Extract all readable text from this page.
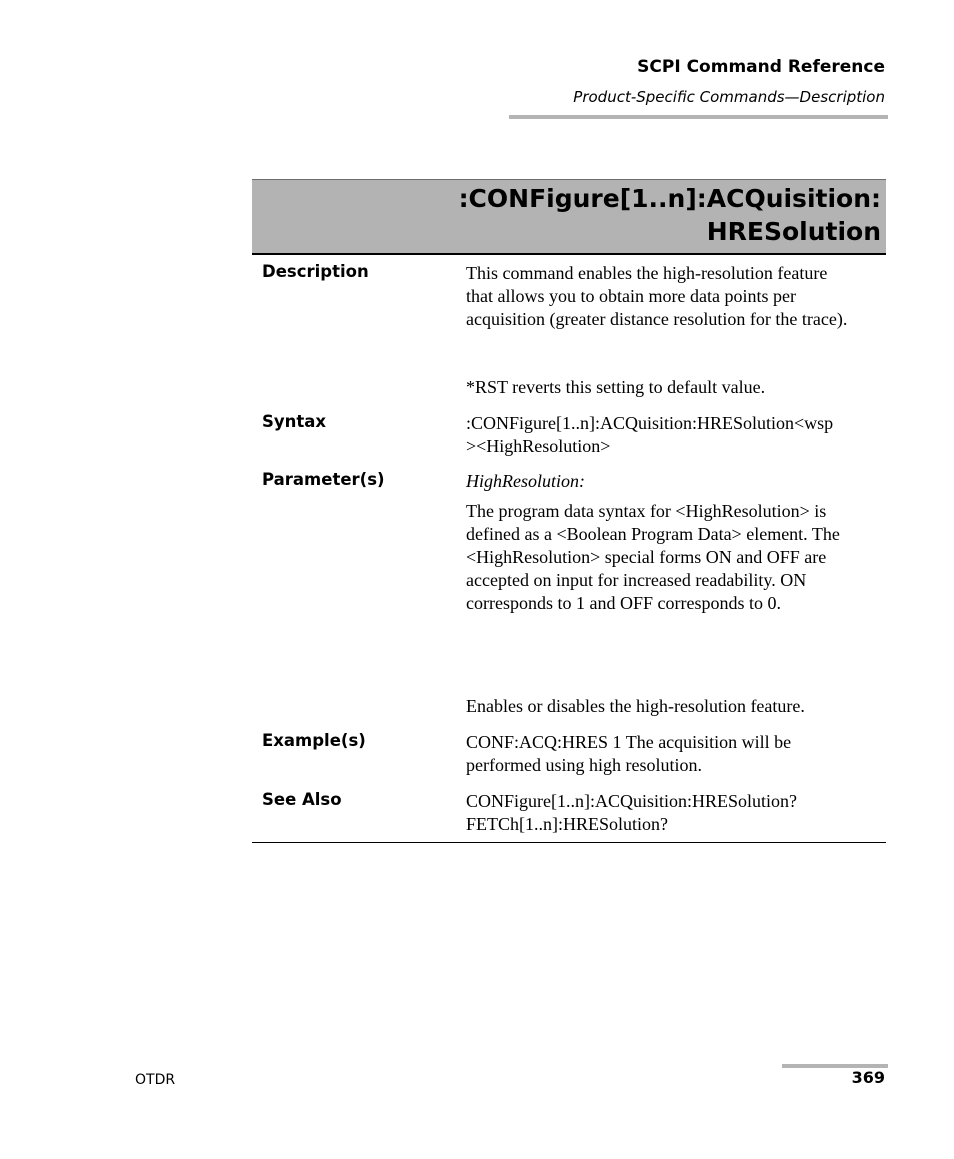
SCPI Command Reference
Product-Specific Commands—Description
:CONFigure[1..n]:ACQuisition:
HRESolution
Description	This command enables the high-resolution feature that allows you to obtain more data points per acquisition (greater distance resolution for the trace).

*RST reverts this setting to default value.

Syntax	:CONFigure[1..n]:ACQuisition:HRESolution<wsp
><HighResolution>

Parameter(s)	HighResolution:

The program data syntax for <HighResolution> is defined as a <Boolean Program Data> element. The <HighResolution> special forms ON and OFF are accepted on input for increased readability. ON corresponds to 1 and OFF corresponds to 0.

Enables or disables the high-resolution feature.

Example(s)	CONF:ACQ:HRES 1 The acquisition will be performed using high resolution.

See Also	CONFigure[1..n]:ACQuisition:HRESolution?
FETCh[1..n]:HRESolution?

OTDR	369
